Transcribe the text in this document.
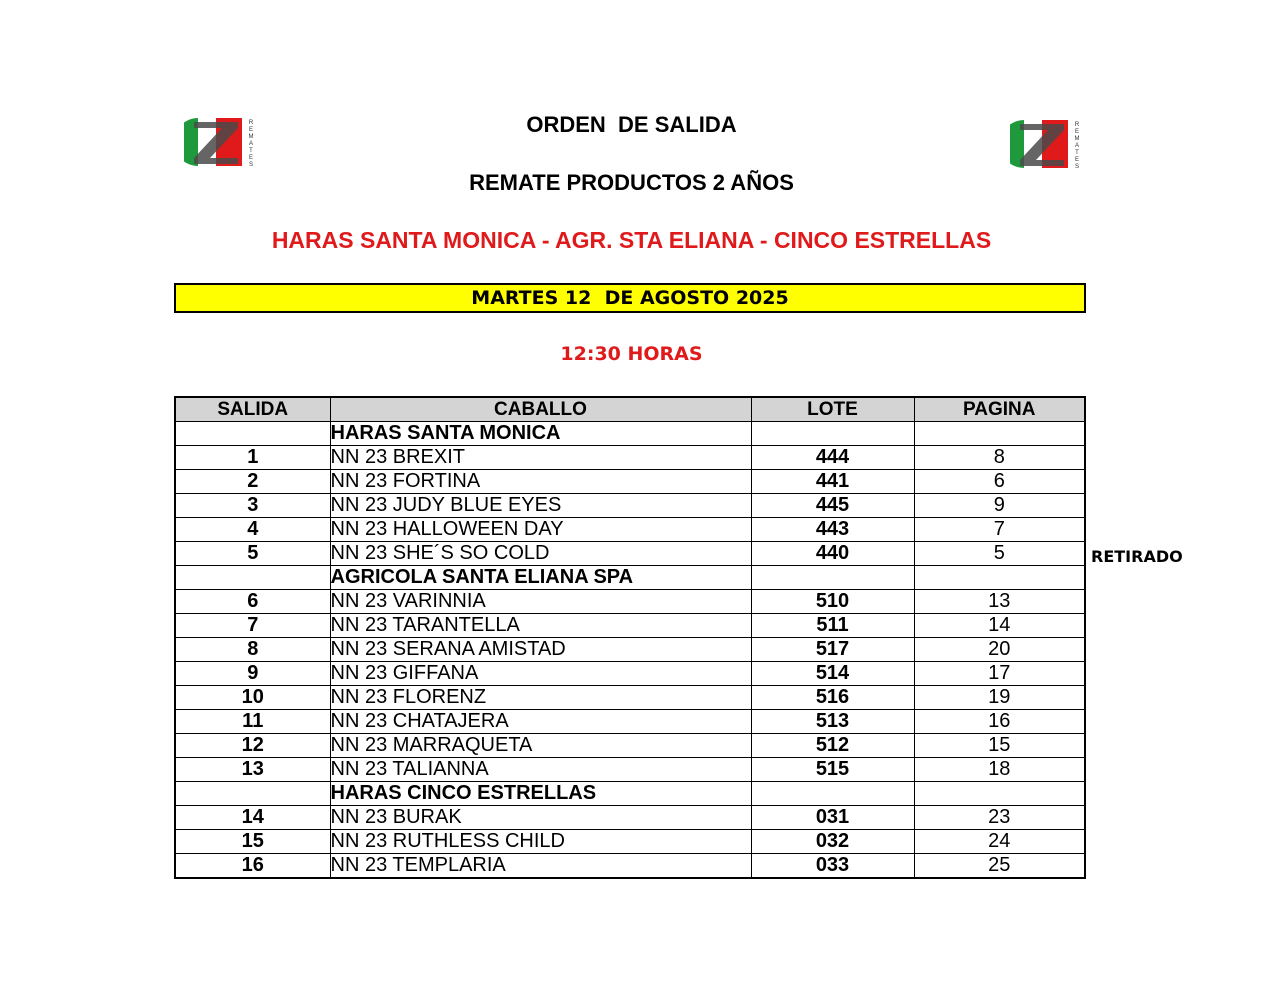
R E M A T E S
R E M A T E S
ORDEN  DE SALIDA
REMATE PRODUCTOS 2 AÑOS
HARAS SANTA MONICA - AGR. STA ELIANA - CINCO ESTRELLAS
MARTES 12  DE AGOSTO 2025
12:30 HORAS
SALIDA	CABALLO	LOTE	PAGINA
	HARAS SANTA MONICA		
1	NN 23 BREXIT	444	8
2	NN 23 FORTINA	441	6
3	NN 23 JUDY BLUE EYES	445	9
4	NN 23 HALLOWEEN DAY	443	7
5	NN 23 SHE´S SO COLD	440	5
	AGRICOLA SANTA ELIANA SPA		
6	NN 23 VARINNIA	510	13
7	NN 23 TARANTELLA	511	14
8	NN 23 SERANA AMISTAD	517	20
9	NN 23 GIFFANA	514	17
10	NN 23 FLORENZ	516	19
11	NN 23 CHATAJERA	513	16
12	NN 23 MARRAQUETA	512	15
13	NN 23 TALIANNA	515	18
	HARAS CINCO ESTRELLAS		
14	NN 23 BURAK	031	23
15	NN 23 RUTHLESS CHILD	032	24
16	NN 23 TEMPLARIA	033	25
RETIRADO
